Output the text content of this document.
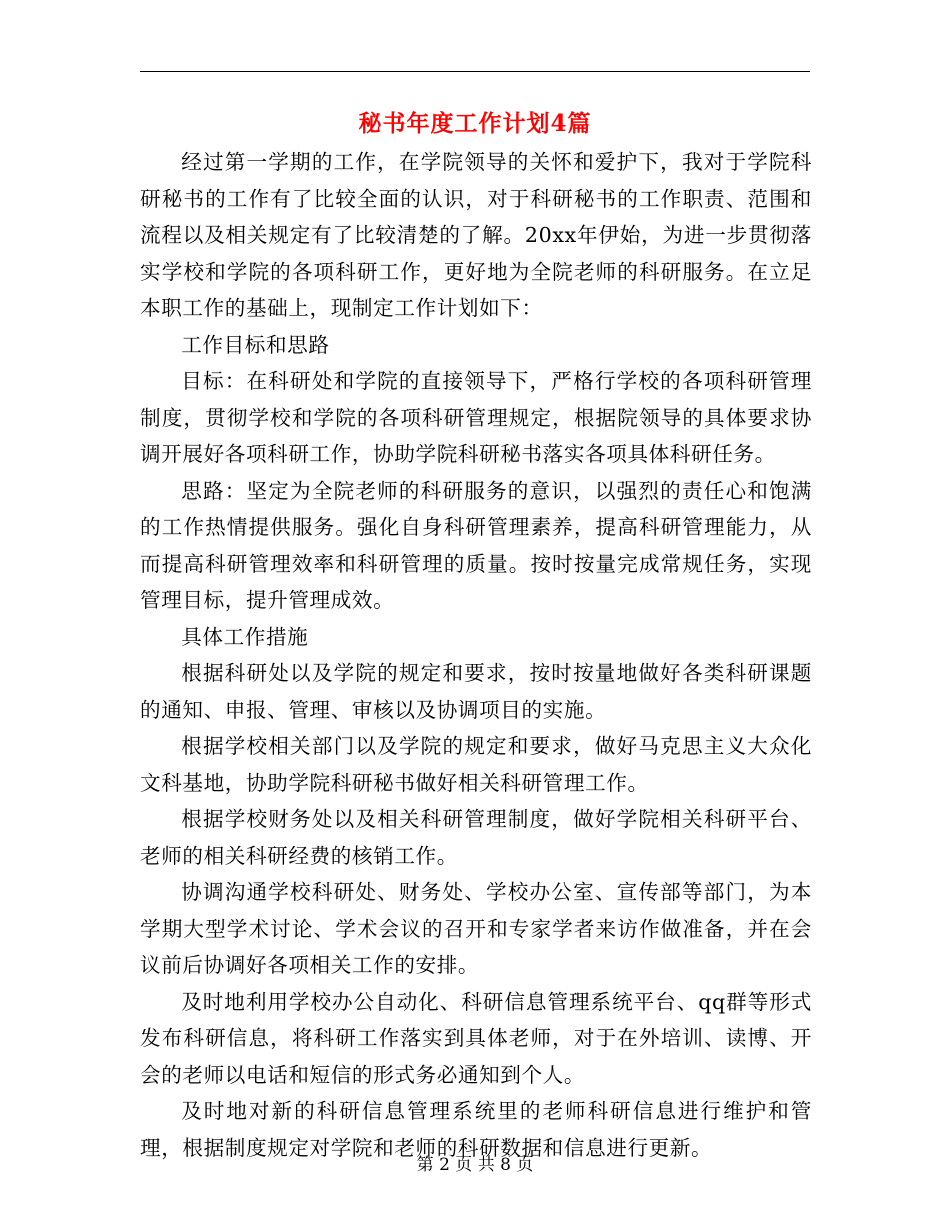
秘书年度工作计划4篇

经过第一学期的工作，在学院领导的关怀和爱护下，我对于学院科研秘书的工作有了比较全面的认识，对于科研秘书的工作职责、范围和流程以及相关规定有了比较清楚的了解。20xx年伊始，为进一步贯彻落实学校和学院的各项科研工作，更好地为全院老师的科研服务。在立足本职工作的基础上，现制定工作计划如下：

工作目标和思路

目标：在科研处和学院的直接领导下，严格行学校的各项科研管理制度，贯彻学校和学院的各项科研管理规定，根据院领导的具体要求协调开展好各项科研工作，协助学院科研秘书落实各项具体科研任务。

思路：坚定为全院老师的科研服务的意识，以强烈的责任心和饱满的工作热情提供服务。强化自身科研管理素养，提高科研管理能力，从而提高科研管理效率和科研管理的质量。按时按量完成常规任务，实现管理目标，提升管理成效。

具体工作措施

根据科研处以及学院的规定和要求，按时按量地做好各类科研课题的通知、申报、管理、审核以及协调项目的实施。

根据学校相关部门以及学院的规定和要求，做好马克思主义大众化文科基地，协助学院科研秘书做好相关科研管理工作。

根据学校财务处以及相关科研管理制度，做好学院相关科研平台、老师的相关科研经费的核销工作。

协调沟通学校科研处、财务处、学校办公室、宣传部等部门，为本学期大型学术讨论、学术会议的召开和专家学者来访作做准备，并在会议前后协调好各项相关工作的安排。

及时地利用学校办公自动化、科研信息管理系统平台、qq群等形式发布科研信息，将科研工作落实到具体老师，对于在外培训、读博、开会的老师以电话和短信的形式务必通知到个人。

及时地对新的科研信息管理系统里的老师科研信息进行维护和管理，根据制度规定对学院和老师的科研数据和信息进行更新。

第 2 页 共 8 页
